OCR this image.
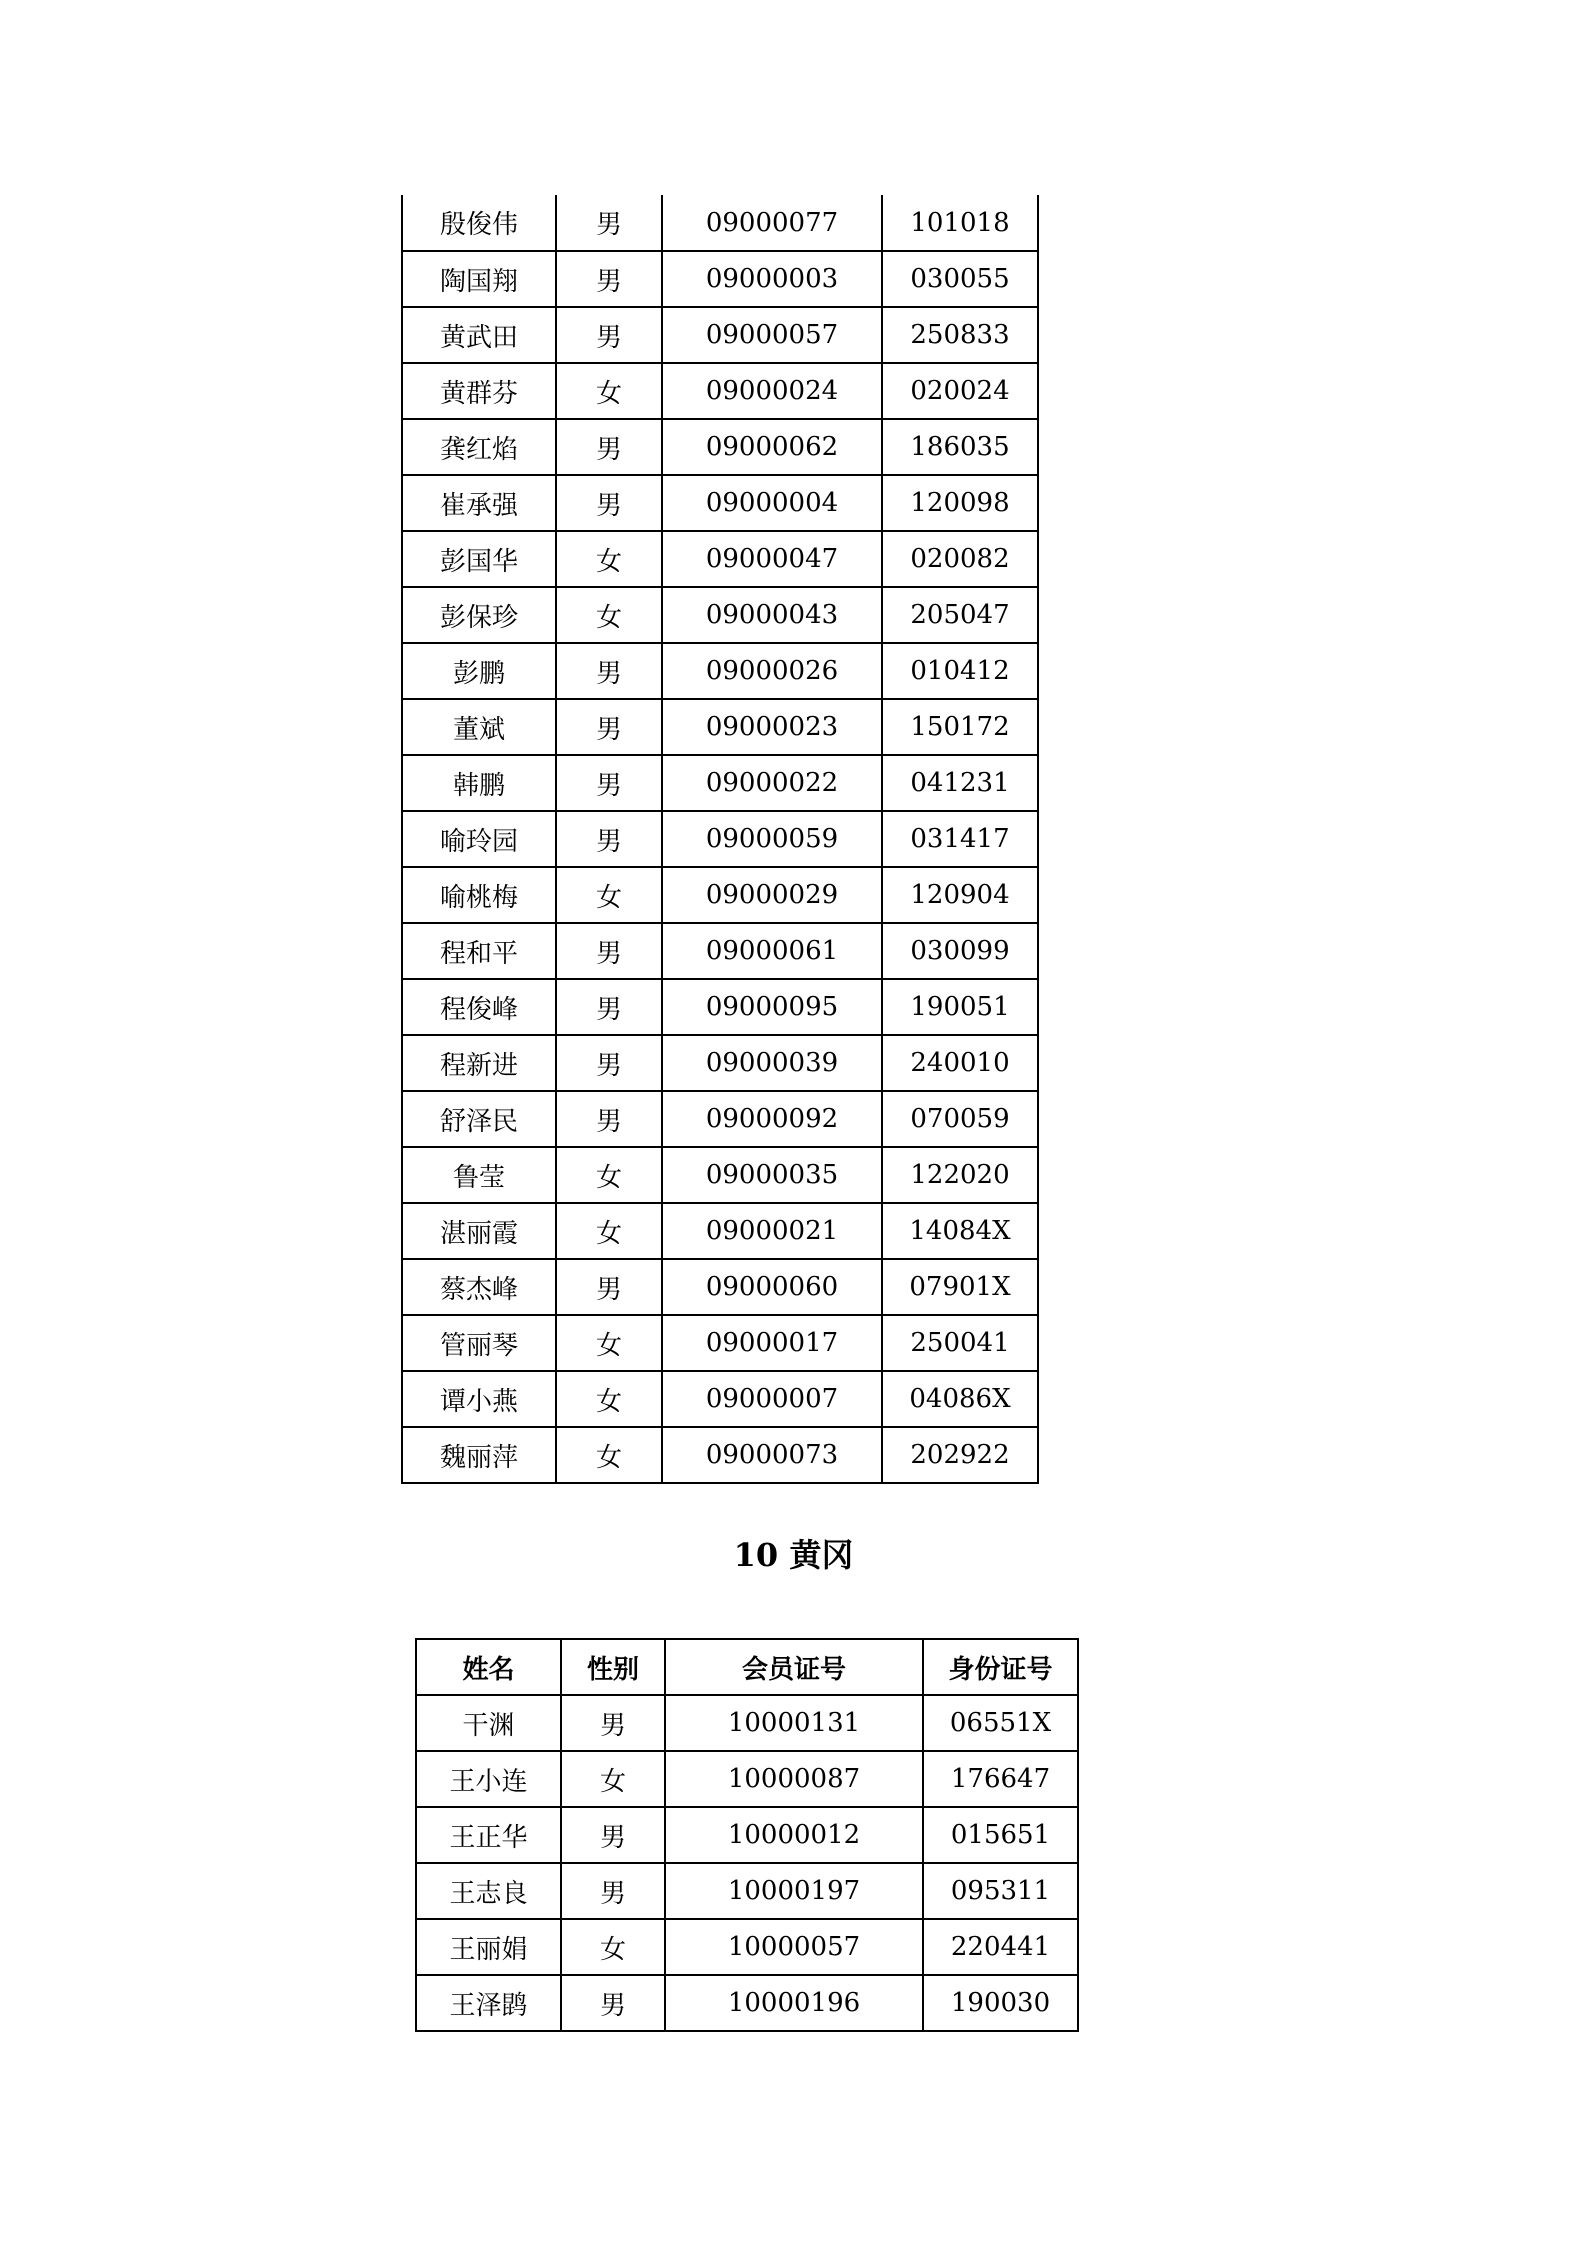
殷俊伟	男	09000077	101018
陶国翔	男	09000003	030055
黄武田	男	09000057	250833
黄群芬	女	09000024	020024
龚红焰	男	09000062	186035
崔承强	男	09000004	120098
彭国华	女	09000047	020082
彭保珍	女	09000043	205047
彭鹏	男	09000026	010412
董斌	男	09000023	150172
韩鹏	男	09000022	041231
喻玲园	男	09000059	031417
喻桃梅	女	09000029	120904
程和平	男	09000061	030099
程俊峰	男	09000095	190051
程新进	男	09000039	240010
舒泽民	男	09000092	070059
鲁莹	女	09000035	122020
湛丽霞	女	09000021	14084X
蔡杰峰	男	09000060	07901X
管丽琴	女	09000017	250041
谭小燕	女	09000007	04086X
魏丽萍	女	09000073	202922
10 黄冈
姓名	性别	会员证号	身份证号
干渊	男	10000131	06551X
王小连	女	10000087	176647
王正华	男	10000012	015651
王志良	男	10000197	095311
王丽娟	女	10000057	220441
王泽鹍	男	10000196	190030
